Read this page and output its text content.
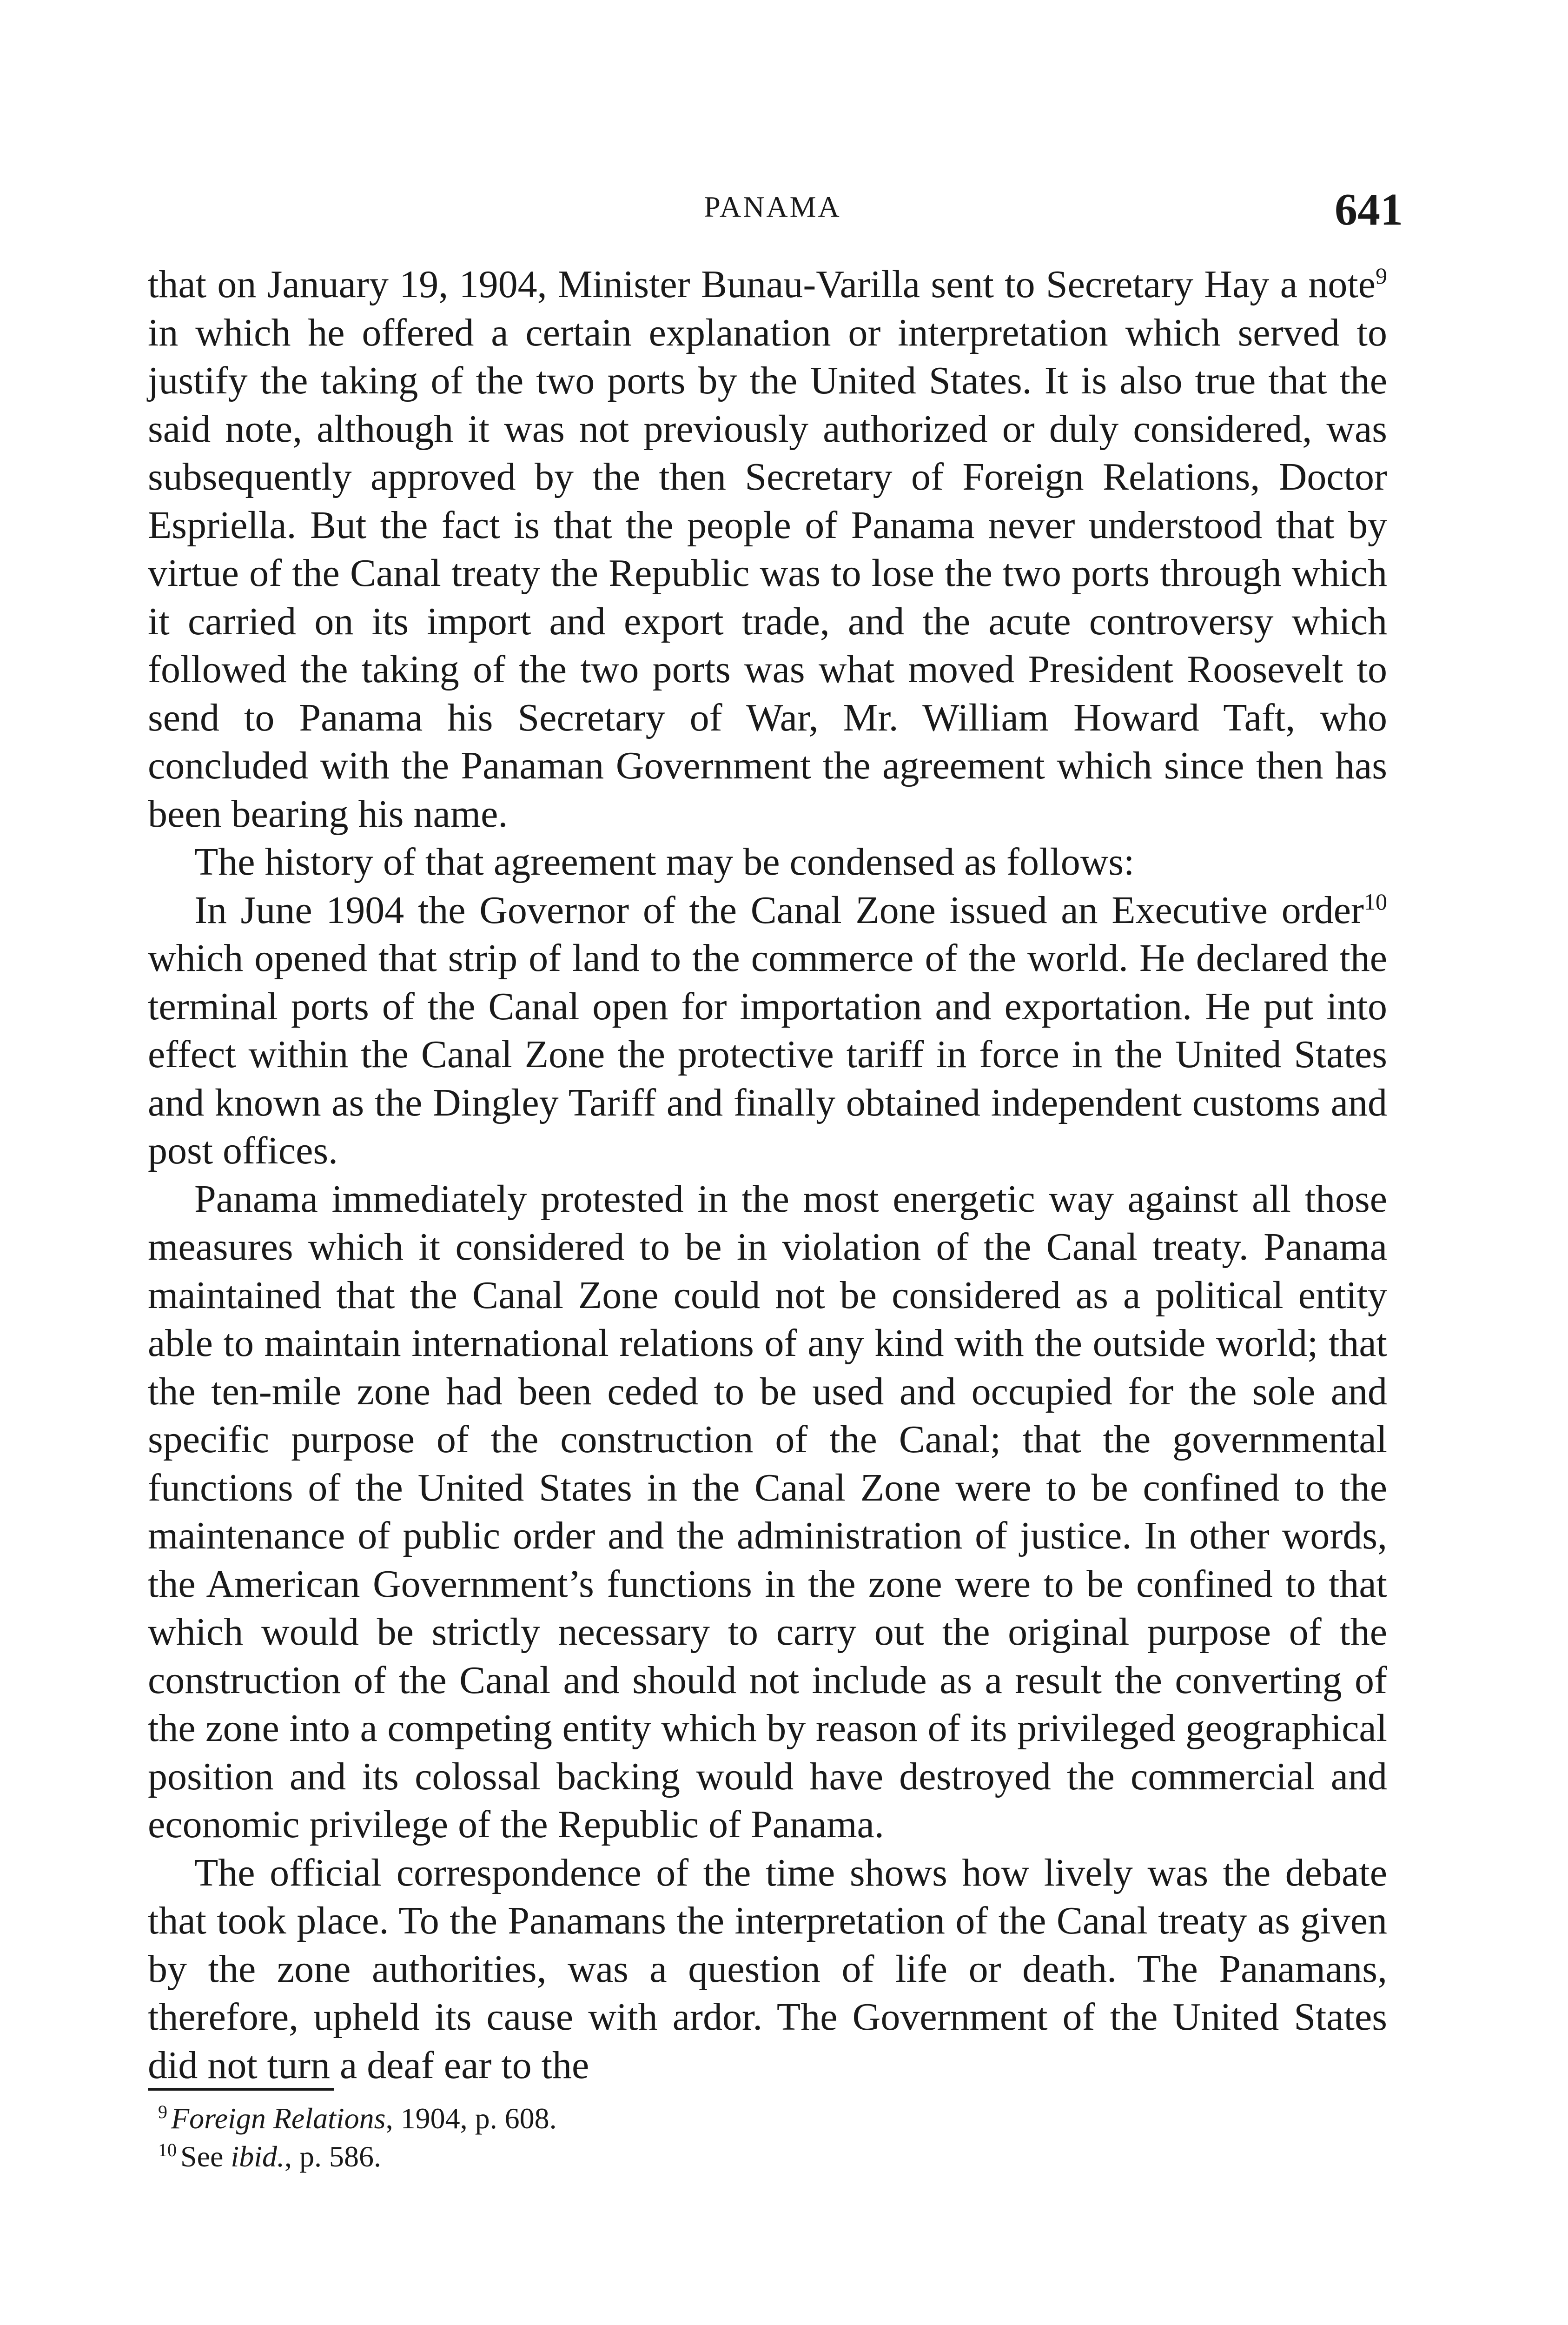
PANAMA	641

that on January 19, 1904, Minister Bunau-Varilla sent to Secretary Hay a note$^9$ in which he offered a certain explanation or interpretation which served to justify the taking of the two ports by the United States. It is also true that the said note, although it was not previously authorized or duly considered, was subsequently approved by the then Secretary of Foreign Relations, Doctor Espriella. But the fact is that the people of Panama never understood that by virtue of the Canal treaty the Republic was to lose the two ports through which it carried on its import and export trade, and the acute controversy which followed the taking of the two ports was what moved President Roosevelt to send to Panama his Secretary of War, Mr. William Howard Taft, who concluded with the Panaman Government the agreement which since then has been bearing his name.

The history of that agreement may be condensed as follows:

In June 1904 the Governor of the Canal Zone issued an Executive order$^{10}$ which opened that strip of land to the commerce of the world. He declared the terminal ports of the Canal open for importation and exportation. He put into effect within the Canal Zone the protective tariff in force in the United States and known as the Dingley Tariff and finally obtained independent customs and post offices.

Panama immediately protested in the most energetic way against all those measures which it considered to be in violation of the Canal treaty. Panama maintained that the Canal Zone could not be considered as a political entity able to maintain international relations of any kind with the outside world; that the ten-mile zone had been ceded to be used and occupied for the sole and specific purpose of the construction of the Canal; that the governmental functions of the United States in the Canal Zone were to be confined to the maintenance of public order and the administration of justice. In other words, the American Government’s functions in the zone were to be confined to that which would be strictly necessary to carry out the original purpose of the construction of the Canal and should not include as a result the converting of the zone into a competing entity which by reason of its privileged geographical position and its colossal backing would have destroyed the commercial and economic privilege of the Republic of Panama.

The official correspondence of the time shows how lively was the debate that took place. To the Panamans the interpretation of the Canal treaty as given by the zone authorities, was a question of life or death. The Panamans, therefore, upheld its cause with ardor. The Government of the United States did not turn a deaf ear to the

$^9$ Foreign Relations, 1904, p. 608.

$^{10}$ See ibid., p. 586.
